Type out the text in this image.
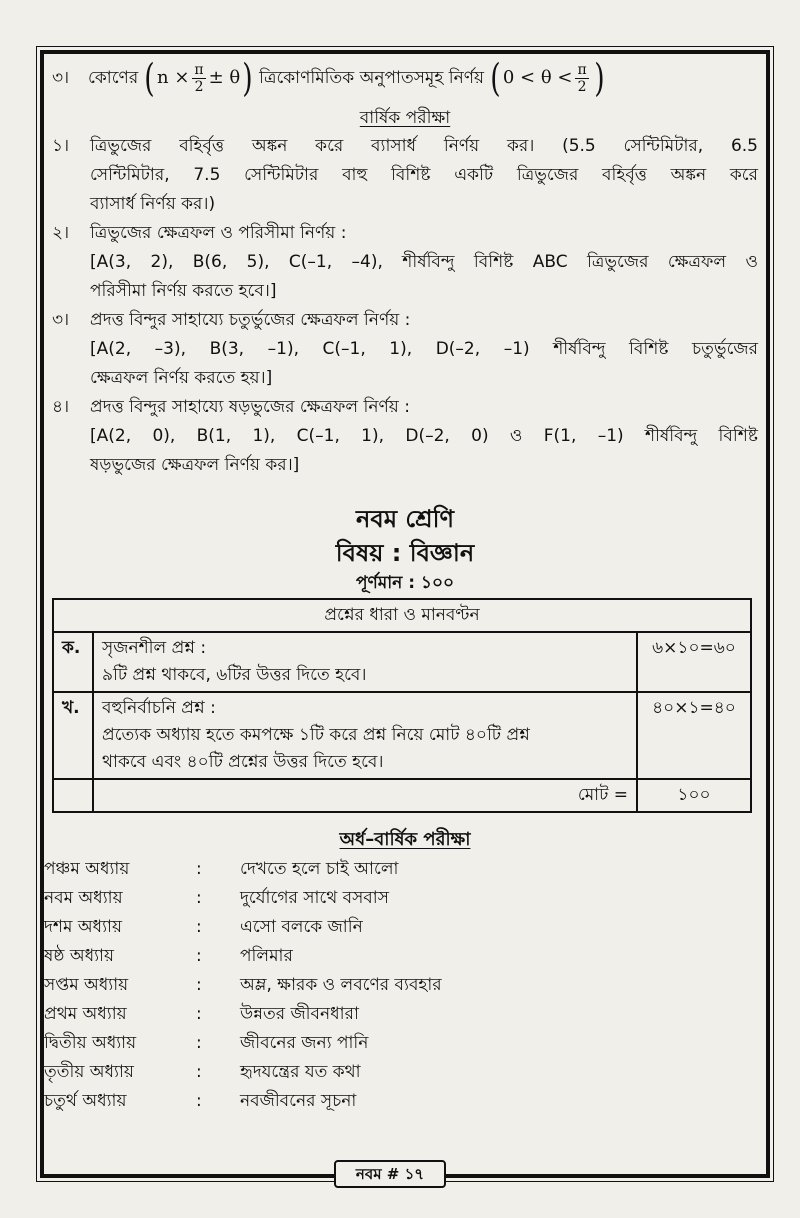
৩।	কোণের ( $n \times \frac{\pi}{2} \pm \theta$ ) ত্রিকোণমিতিক অনুপাতসমূহ নির্ণয় ( $0 < \theta < \frac{\pi}{2}$ )
বার্ষিক পরীক্ষা
১।	ত্রিভুজের বহির্বৃত্ত অঙ্কন করে ব্যাসার্ধ নির্ণয় কর। (5.5 সেন্টিমিটার, 6.5
সেন্টিমিটার, 7.5 সেন্টিমিটার বাহু বিশিষ্ট একটি ত্রিভুজের বহির্বৃত্ত অঙ্কন করে
ব্যাসার্ধ নির্ণয় কর।)
২।	ত্রিভুজের ক্ষেত্রফল ও পরিসীমা নির্ণয় :
[A(3, 2), B(6, 5), C(–1, –4), শীর্ষবিন্দু বিশিষ্ট ABC ত্রিভুজের ক্ষেত্রফল ও
পরিসীমা নির্ণয় করতে হবে।]
৩।	প্রদত্ত বিন্দুর সাহায্যে চতুর্ভুজের ক্ষেত্রফল নির্ণয় :
[A(2, –3), B(3, –1), C(–1, 1), D(–2, –1) শীর্ষবিন্দু বিশিষ্ট চতুর্ভুজের
ক্ষেত্রফল নির্ণয় করতে হয়।]
৪।	প্রদত্ত বিন্দুর সাহায্যে ষড়ভুজের ক্ষেত্রফল নির্ণয় :
[A(2, 0), B(1, 1), C(–1, 1), D(–2, 0) ও F(1, –1) শীর্ষবিন্দু বিশিষ্ট
ষড়ভুজের ক্ষেত্রফল নির্ণয় কর।]
নবম শ্রেণি
বিষয় : বিজ্ঞান
পূর্ণমান : ১০০
প্রশ্নের ধারা ও মানবণ্টন		
ক.	সৃজনশীল প্রশ্ন :
৯টি প্রশ্ন থাকবে, ৬টির উত্তর দিতে হবে।	৬×১০=৬০
খ.	বহুনির্বাচনি প্রশ্ন :
প্রত্যেক অধ্যায় হতে কমপক্ষে ১টি করে প্রশ্ন নিয়ে মোট ৪০টি প্রশ্ন
থাকবে এবং ৪০টি প্রশ্নের উত্তর দিতে হবে।	৪০×১=৪০
	মোট =	১০০
অর্ধ–বার্ষিক পরীক্ষা
পঞ্চম অধ্যায়	:	দেখতে হলে চাই আলো
নবম অধ্যায়	:	দুর্যোগের সাথে বসবাস
দশম অধ্যায়	:	এসো বলকে জানি
ষষ্ঠ অধ্যায়	:	পলিমার
সপ্তম অধ্যায়	:	অম্ল, ক্ষারক ও লবণের ব্যবহার
প্রথম অধ্যায়	:	উন্নতর জীবনধারা
দ্বিতীয় অধ্যায়	:	জীবনের জন্য পানি
তৃতীয় অধ্যায়	:	হৃদযন্ত্রের যত কথা
চতুর্থ অধ্যায়	:	নবজীবনের সূচনা
নবম # ১৭
